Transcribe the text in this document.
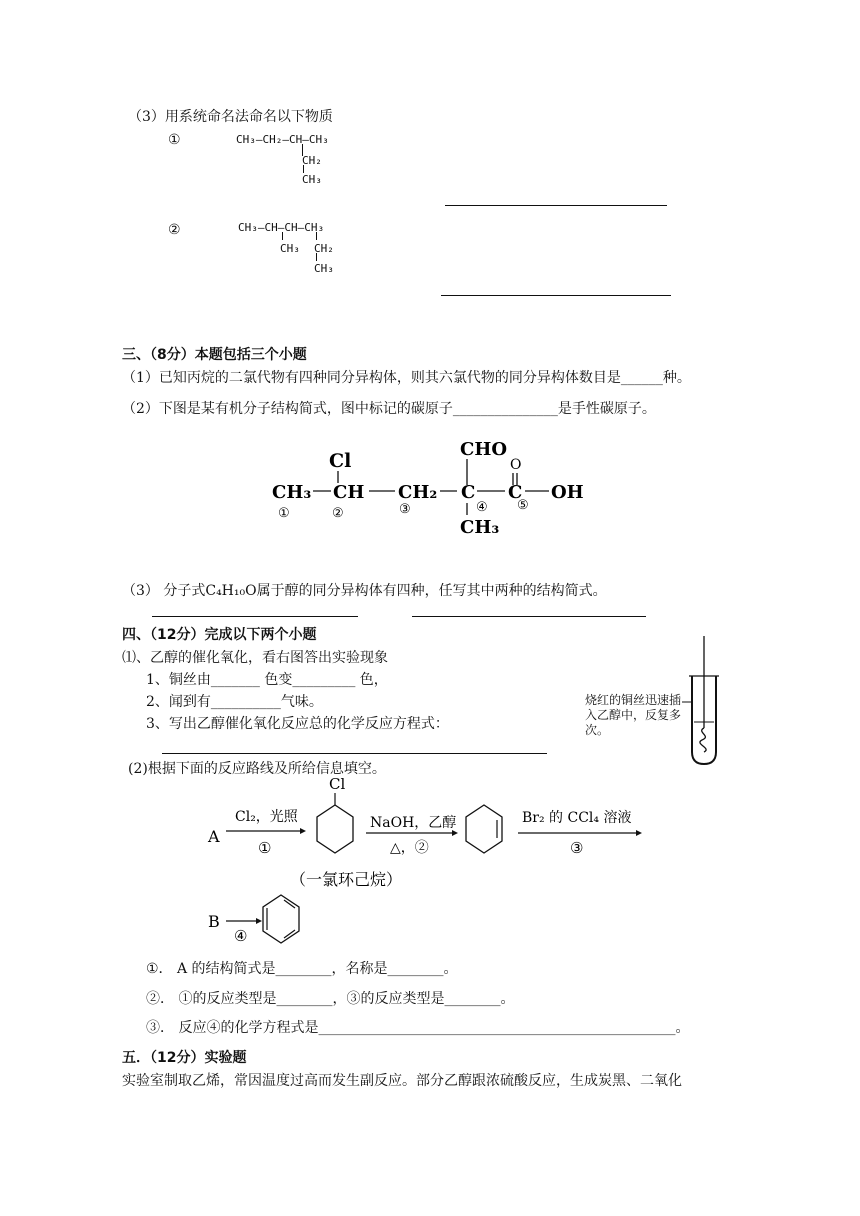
（3）用系统命名法命名以下物质
①	CH₃—CH₂—CH—CH₃
CH₂
CH₃
②	CH₃—CH—CH—CH₃
CH₃ CH₂
CH₃
三、（8分）本题包括三个小题
（1）已知丙烷的二氯代物有四种同分异构体，则其六氯代物的同分异构体数目是______种。
（2）下图是某有机分子结构简式，图中标记的碳原子_______________是手性碳原子。
Cl
CHO
O
CH₃ CH CH₂ C C OH
CH₃
①	②	③	④ ⑤
（3） 分子式C₄H₁₀O属于醇的同分异构体有四种，任写其中两种的结构简式。
四、（12分）完成以下两个小题
⑴、乙醇的催化氧化，看右图答出实验现象
1、铜丝由_______ 色变_________ 色，
2、闻到有__________气味。
3、写出乙醇催化氧化反应总的化学反应方程式：
烧红的铜丝迅速插入乙醇中，反复多次。
(2)根据下面的反应路线及所给信息填空。
A
Cl₂，光照
①
Cl
（一氯环己烷）
NaOH，乙醇
△，②
Br₂ 的 CCl₄ 溶液
③
B
④
①． A 的结构简式是________，名称是________。
②． ①的反应类型是________，③的反应类型是________。
③． 反应④的化学方程式是___________________________________________________。
五．（12分）实验题
实验室制取乙烯，常因温度过高而发生副反应。部分乙醇跟浓硫酸反应，生成炭黑、二氧化
